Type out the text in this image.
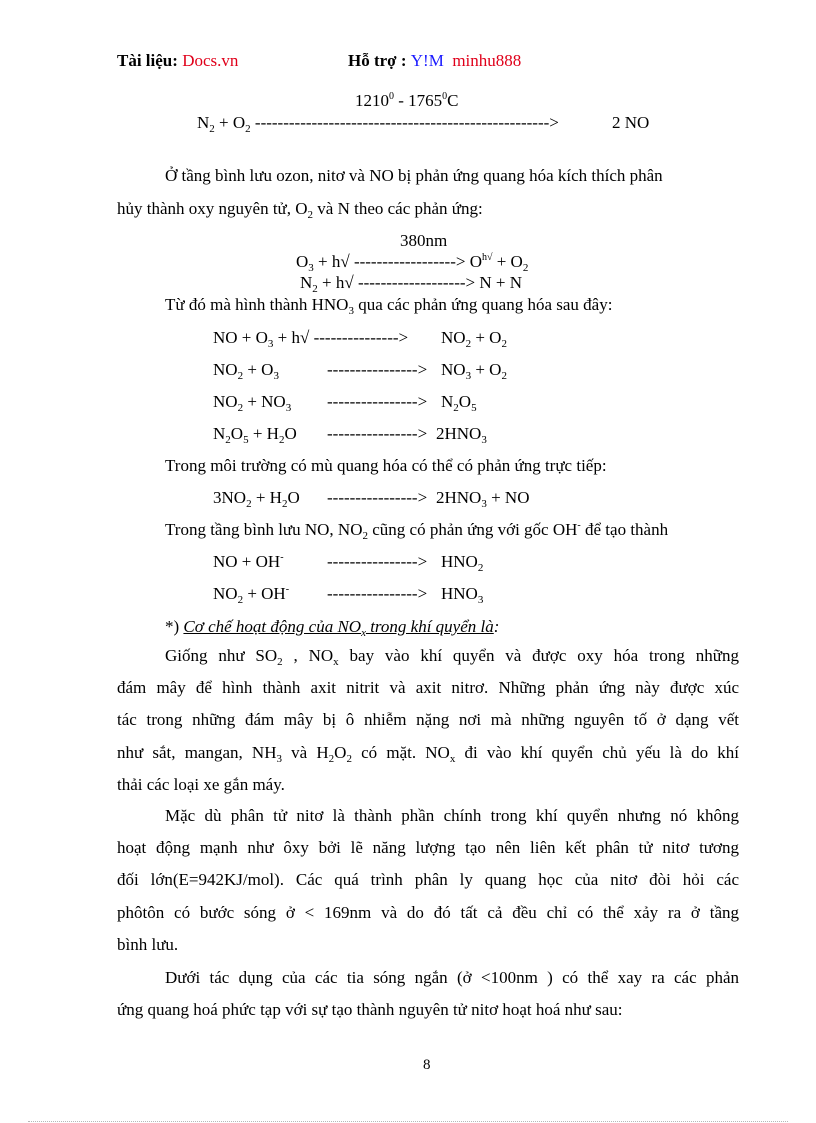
Tài liệu: Docs.vn	Hỗ trợ : Y!M minhu888
1210$^0$ - 1765$^0$C
$N_2 + O_2$ ---------------------------------------------------->	2 NO
Ở tầng bình lưu ozon, nitơ và NO bị phản ứng quang hóa kích thích phân
hủy thành oxy nguyên tử, $O_2$ và N theo các phản ứng:
380nm
$O_3 + h√$ ------------------> $O^{h√} + O_2$
$N_2 + h√$ -------------------> N + N
Từ đó mà hình thành $HNO_3$ qua các phản ứng quang hóa sau đây:
NO + $O_3 + h√$ ---------------> $NO_2 + O_2$
$NO_2 + O_3$	----------------> $NO_3 + O_2$
$NO_2 + NO_3$ ----------------> $N_2O_5$
$N_2O_5 + H_2O$ ----------------> $2HNO_3$
Trong môi trường có mù quang hóa có thể có phản ứng trực tiếp:
$3NO_2 + H_2O$ ----------------> $2HNO_3$ + NO
Trong tầng bình lưu NO, $NO_2$ cũng có phản ứng với gốc OH- để tạo thành
NO + OH-	----------------> $HNO_2$
$NO_2 + OH^-$ ----------------> $HNO_3$
*) Cơ chế hoạt động của $NO_x$ trong khí quyển là:

Giống như $SO_2$ , $NO_x$ bay vào khí quyển và được oxy hóa trong những

đám mây để hình thành axit nitrit và axit nitrơ. Những phản ứng này được xúc
tác trong những đám mây bị ô nhiễm nặng nơi mà những nguyên tố ở dạng vết
như sắt, mangan, $NH_3$ và $H_2O_2$ có mặt. $NO_x$ đi vào khí quyển chủ yếu là do khí
thải các loại xe gắn máy.

Mặc dù phân tử nitơ là thành phần chính trong khí quyển nhưng nó không

hoạt động mạnh như ôxy bởi lẽ năng lượng tạo nên liên kết phân tử nitơ tương
đối lớn(E=942KJ/mol). Các quá trình phân ly quang học của nitơ đòi hỏi các
phôtôn có bước sóng ở < 169nm và do đó tất cả đều chỉ có thể xảy ra ở tầng
bình lưu.

Dưới tác dụng của các tia sóng ngắn (ở <100nm ) có thể xay ra các phản

ứng quang hoá phức tạp với sự tạo thành nguyên tử nitơ hoạt hoá như sau:

8
